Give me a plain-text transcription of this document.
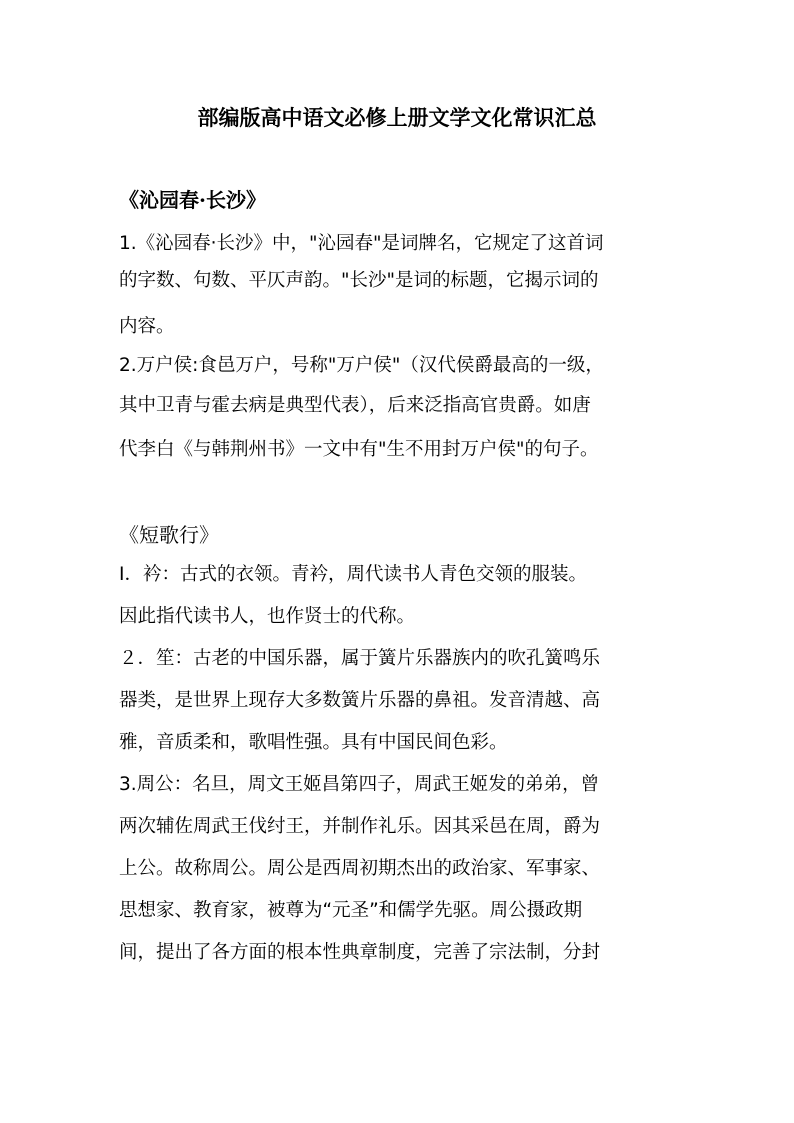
部编版高中语文必修上册文学文化常识汇总
《沁园春·长沙》
1.《沁园春·长沙》中，"沁园春"是词牌名，它规定了这首词
的字数、句数、平仄声韵。"长沙"是词的标题，它揭示词的
内容。
2.万户侯:食邑万户，号称"万户侯"（汉代侯爵最高的一级，
其中卫青与霍去病是典型代表），后来泛指高官贵爵。如唐
代李白《与韩荆州书》一文中有"生不用封万户侯"的句子。
《短歌行》
Ⅰ．衿：古式的衣领。青衿，周代读书人青色交领的服装。
因此指代读书人，也作贤士的代称。
２．笙：古老的中国乐器，属于簧片乐器族内的吹孔簧鸣乐
器类，是世界上现存大多数簧片乐器的鼻祖。发音清越、高
雅，音质柔和，歌唱性强。具有中国民间色彩。
3.周公：名旦，周文王姬昌第四子，周武王姬发的弟弟，曾
两次辅佐周武王伐纣王，并制作礼乐。因其采邑在周，爵为
上公。故称周公。周公是西周初期杰出的政治家、军事家、
思想家、教育家，被尊为“元圣”和儒学先驱。周公摄政期
间，提出了各方面的根本性典章制度，完善了宗法制，分封
